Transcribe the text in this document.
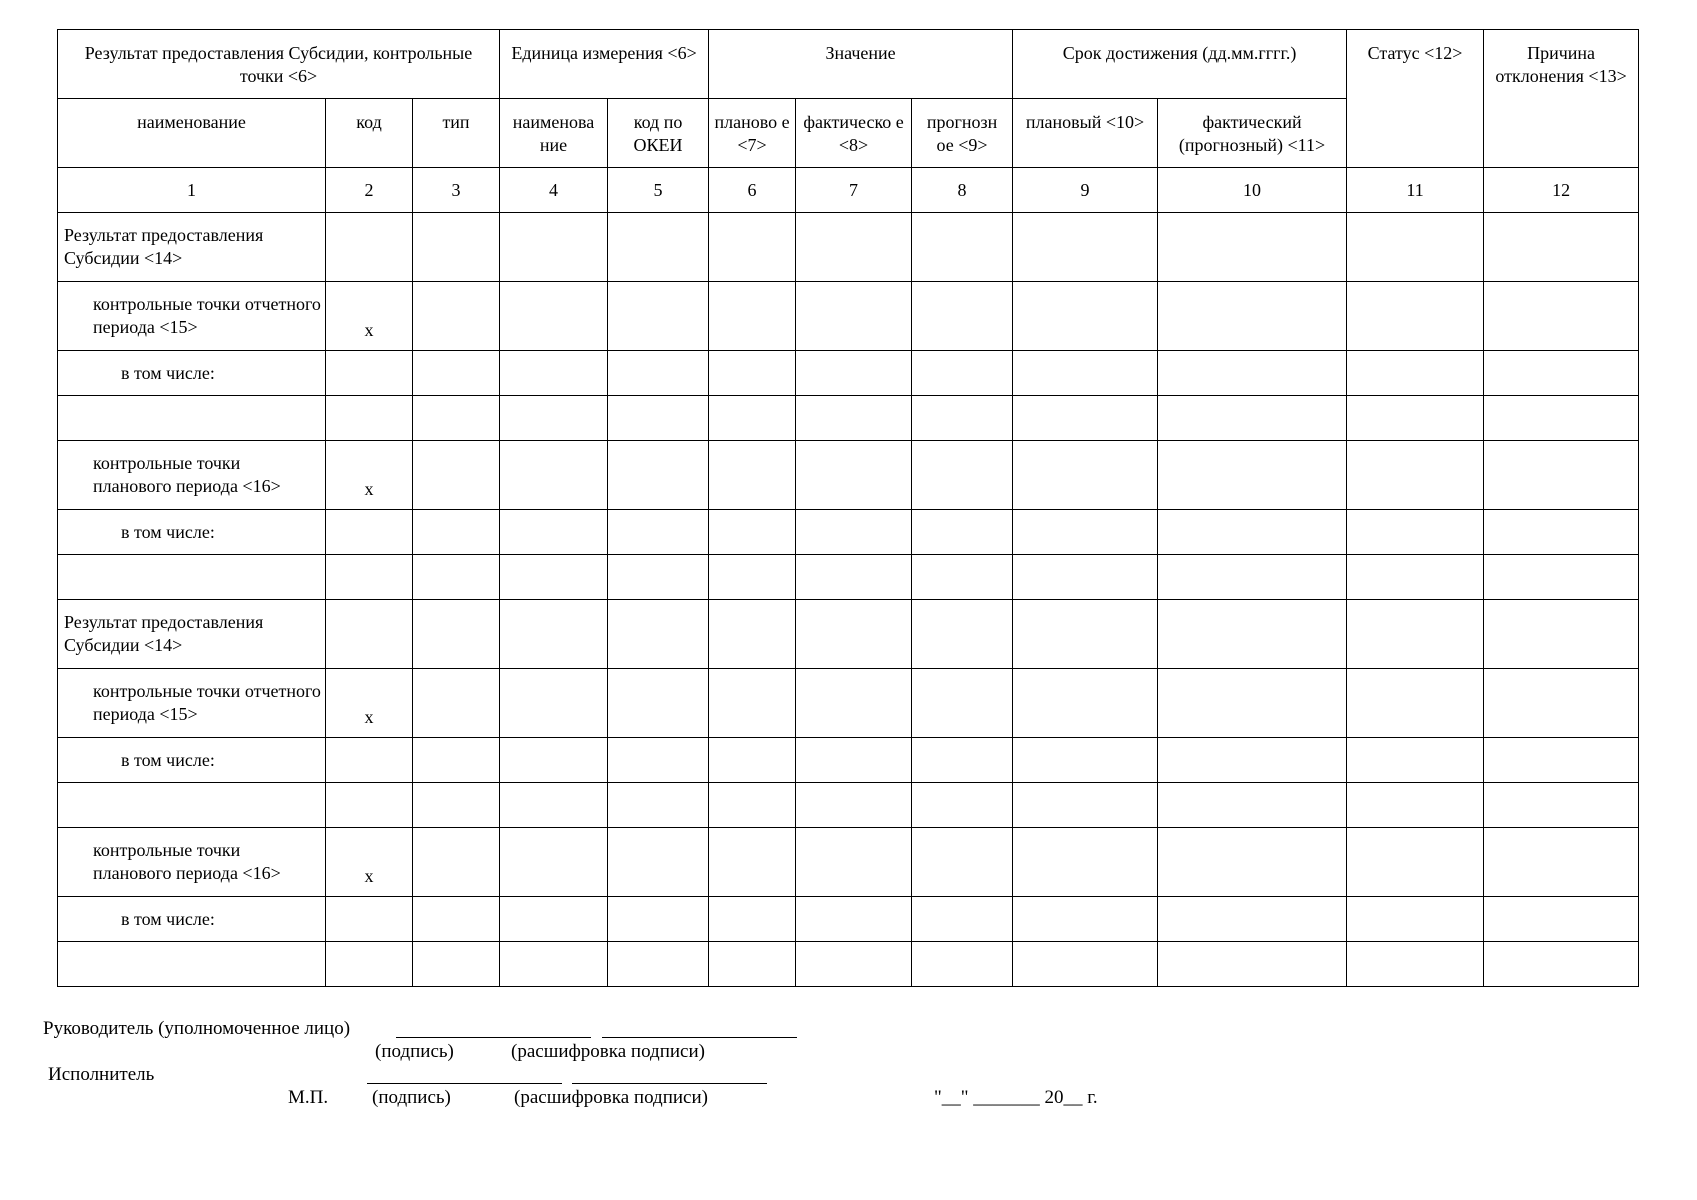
Результат предоставления Субсидии, контрольные точки <6>			Единица измерения <6>		Значение			Срок достижения (дд.мм.гггг.)		Статус <12>	Причина отклонения <13>
наименование	код	тип	наименова ние	код по ОКЕИ	планово е <7>	фактическо е <8>	прогнозн ое <9>	плановый <10>	фактический (прогнозный) <11>		
1	2	3	4	5	6	7	8	9	10	11	12
Результат предоставления Субсидии <14>											
контрольные точки отчетного периода <15>	x										
в том числе:											

контрольные точки планового периода <16>	x										
в том числе:											

Результат предоставления Субсидии <14>											
контрольные точки отчетного периода <15>	x										
в том числе:											

контрольные точки планового периода <16>	x										
в том числе:											

Руководитель (уполномоченное лицо)
(подпись)	(расшифровка подписи)
Исполнитель
М.П. (подпись)	(расшифровка подписи)	"__" _______ 20__ г.
